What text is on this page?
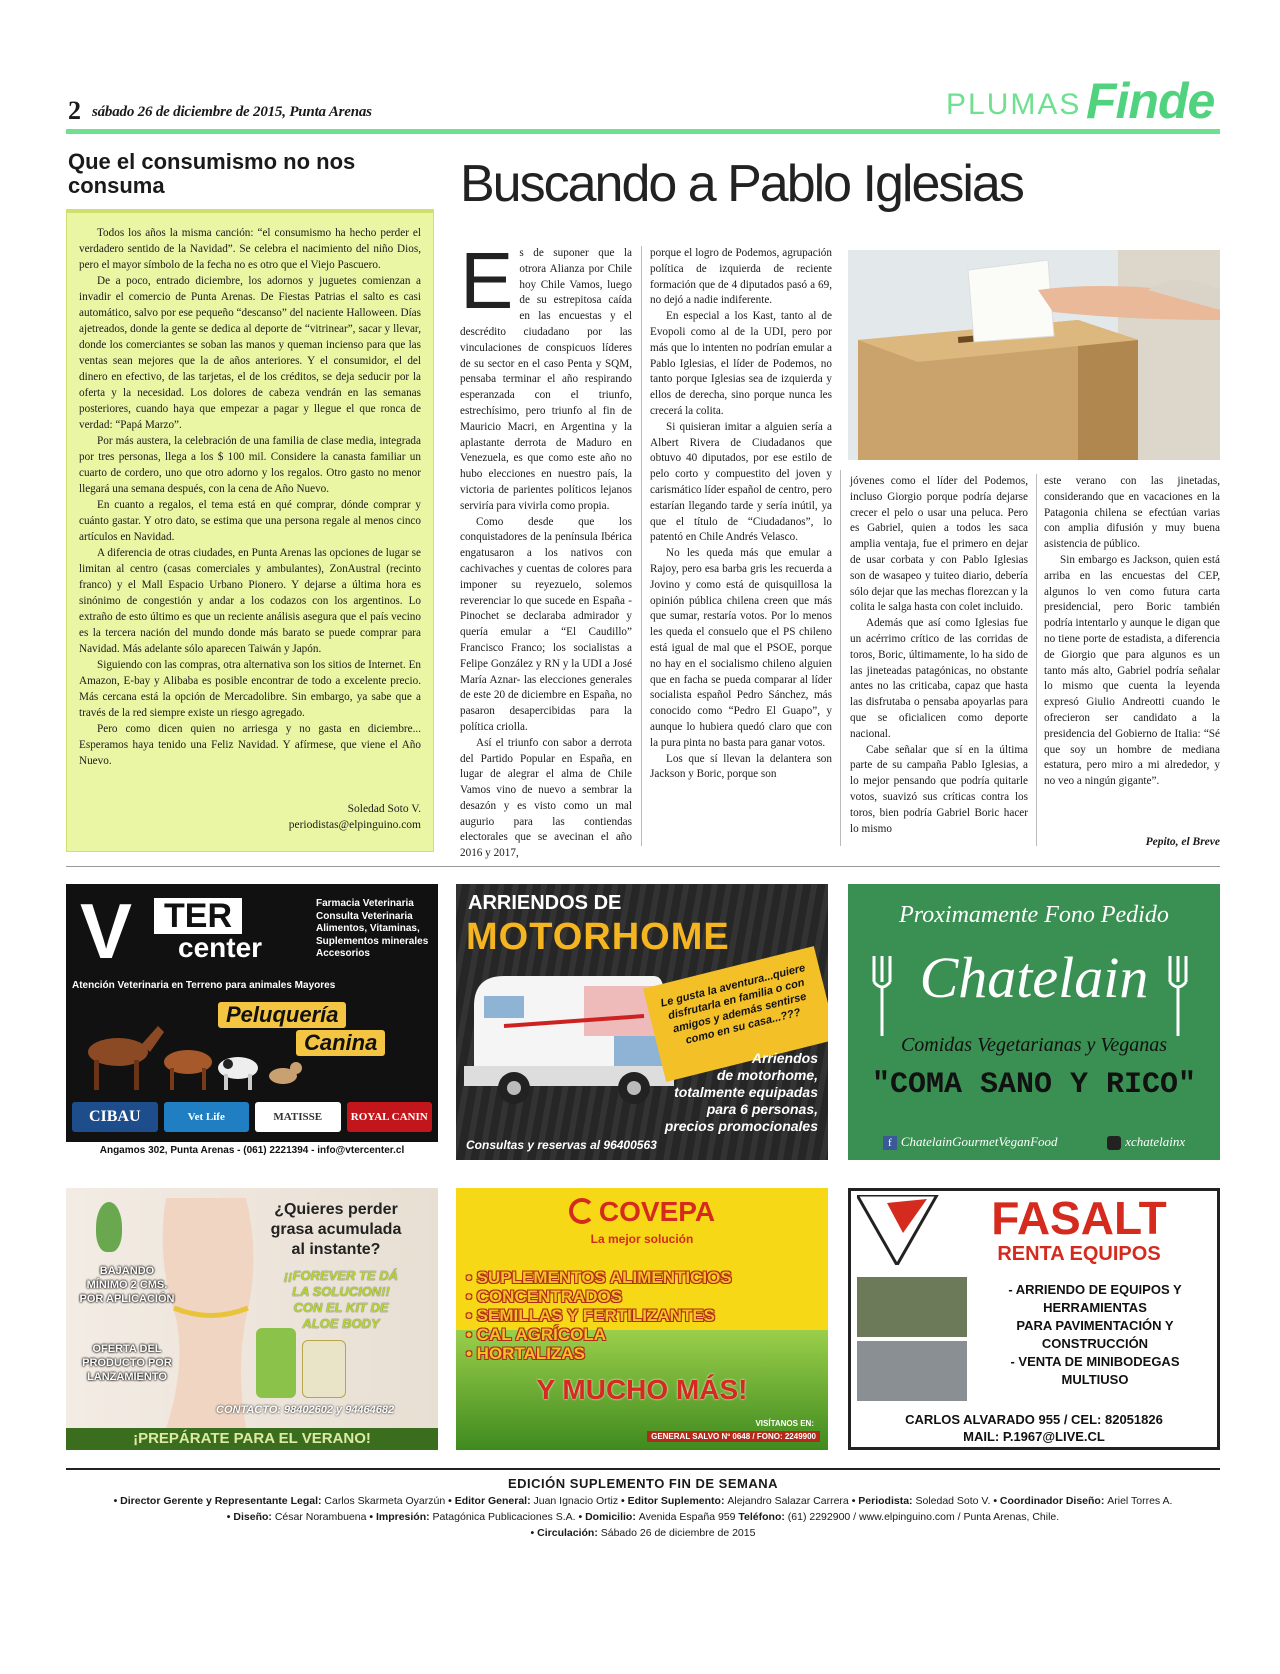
2 sábado 26 de diciembre de 2015, Punta Arenas	PLUMAS Finde
Que el consumismo no nos consuma

Todos los años la misma canción: “el consumismo ha hecho perder el verdadero sentido de la Navidad”. Se celebra el nacimiento del niño Dios, pero el mayor símbolo de la fecha no es otro que el Viejo Pascuero.

De a poco, entrado diciembre, los adornos y juguetes comienzan a invadir el comercio de Punta Arenas. De Fiestas Patrias el salto es casi automático, salvo por ese pequeño “descanso” del naciente Halloween. Días ajetreados, donde la gente se dedica al deporte de “vitrinear”, sacar y llevar, donde los comerciantes se soban las manos y queman incienso para que las ventas sean mejores que la de años anteriores. Y el consumidor, el del dinero en efectivo, de las tarjetas, el de los créditos, se deja seducir por la oferta y la necesidad. Los dolores de cabeza vendrán en las semanas posteriores, cuando haya que empezar a pagar y llegue el que ronca de verdad: “Papá Marzo”.

Por más austera, la celebración de una familia de clase media, integrada por tres personas, llega a los $ 100 mil. Considere la canasta familiar un cuarto de cordero, uno que otro adorno y los regalos. Otro gasto no menor llegará una semana después, con la cena de Año Nuevo.

En cuanto a regalos, el tema está en qué comprar, dónde comprar y cuánto gastar. Y otro dato, se estima que una persona regale al menos cinco artículos en Navidad.

A diferencia de otras ciudades, en Punta Arenas las opciones de lugar se limitan al centro (casas comerciales y ambulantes), ZonAustral (recinto franco) y el Mall Espacio Urbano Pionero. Y dejarse a última hora es sinónimo de congestión y andar a los codazos con los argentinos. Lo extraño de esto último es que un reciente análisis asegura que el país vecino es la tercera nación del mundo donde más barato se puede comprar para Navidad. Más adelante sólo aparecen Taiwán y Japón.

Siguiendo con las compras, otra alternativa son los sitios de Internet. En Amazon, E-bay y Alibaba es posible encontrar de todo a excelente precio. Más cercana está la opción de Mercadolibre. Sin embargo, ya sabe que a través de la red siempre existe un riesgo agregado.

Pero como dicen quien no arriesga y no gasta en diciembre... Esperamos haya tenido una Feliz Navidad. Y afírmese, que viene el Año Nuevo.

Soledad Soto V.
periodistas@elpinguino.com
Buscando a Pablo Iglesias
E s de suponer que la otrora Alianza por Chile hoy Chile Vamos, luego de su estrepitosa caída en las encuestas y el descrédito ciudadano por las vinculaciones de conspicuos líderes de su sector en el caso Penta y SQM, pensaba terminar el año respirando esperanzada con el triunfo, estrechísimo, pero triunfo al fin de Mauricio Macri, en Argentina y la aplastante derrota de Maduro en Venezuela, es que como este año no hubo elecciones en nuestro país, la victoria de parientes políticos lejanos serviría para vivirla como propia.

Como desde que los conquistadores de la península Ibérica engatusaron a los nativos con cachivaches y cuentas de colores para imponer su reyezuelo, solemos reverenciar lo que sucede en España -Pinochet se declaraba admirador y quería emular a “El Caudillo” Francisco Franco; los socialistas a Felipe González y RN y la UDI a José María Aznar- las elecciones generales de este 20 de diciembre en España, no pasaron desapercibidas para la política criolla.

Así el triunfo con sabor a derrota del Partido Popular en España, en lugar de alegrar el alma de Chile Vamos vino de nuevo a sembrar la desazón y es visto como un mal augurio para las contiendas electorales que se avecinan el año 2016 y 2017,

porque el logro de Podemos, agrupación política de izquierda de reciente formación que de 4 diputados pasó a 69, no dejó a nadie indiferente.

En especial a los Kast, tanto al de Evopoli como al de la UDI, pero por más que lo intenten no podrían emular a Pablo Iglesias, el líder de Podemos, no tanto porque Iglesias sea de izquierda y ellos de derecha, sino porque nunca les crecerá la colita.

Si quisieran imitar a alguien sería a Albert Rivera de Ciudadanos que obtuvo 40 diputados, por ese estilo de pelo corto y compuestito del joven y carismático líder español de centro, pero estarían llegando tarde y sería inútil, ya que el título de “Ciudadanos”, lo patentó en Chile Andrés Velasco.

No les queda más que emular a Rajoy, pero esa barba gris les recuerda a Jovino y como está de quisquillosa la opinión pública chilena creen que más que sumar, restaría votos. Por lo menos les queda el consuelo que el PS chileno está igual de mal que el PSOE, porque no hay en el socialismo chileno alguien que en facha se pueda comparar al líder socialista español Pedro Sánchez, más conocido como “Pedro El Guapo”, y aunque lo hubiera quedó claro que con la pura pinta no basta para ganar votos.

Los que sí llevan la delantera son Jackson y Boric, porque son

jóvenes como el líder del Podemos, incluso Giorgio porque podría dejarse crecer el pelo o usar una peluca. Pero es Gabriel, quien a todos les saca amplia ventaja, fue el primero en dejar de usar corbata y con Pablo Iglesias son de wasapeo y tuiteo diario, debería sólo dejar que las mechas florezcan y la colita le salga hasta con colet incluido.

Además que así como Iglesias fue un acérrimo crítico de las corridas de toros, Boric, últimamente, lo ha sido de las jineteadas patagónicas, no obstante antes no las criticaba, capaz que hasta las disfrutaba o pensaba apoyarlas para que se oficialicen como deporte nacional.

Cabe señalar que sí en la última parte de su campaña Pablo Iglesias, a lo mejor pensando que podría quitarle votos, suavizó sus críticas contra los toros, bien podría Gabriel Boric hacer lo mismo

este verano con las jinetadas, considerando que en vacaciones en la Patagonia chilena se efectúan varias con amplia difusión y muy buena asistencia de público.

Sin embargo es Jackson, quien está arriba en las encuestas del CEP, algunos lo ven como futura carta presidencial, pero Boric también podría intentarlo y aunque le digan que no tiene porte de estadista, a diferencia de Giorgio que para algunos es un tanto más alto, Gabriel podría señalar lo mismo que cuenta la leyenda expresó Giulio Andreotti cuando le ofrecieron ser candidato a la presidencia del Gobierno de Italia: “Sé que soy un hombre de mediana estatura, pero miro a mi alrededor, y no veo a ningún gigante”.

Pepito, el Breve
V TER
center
Farmacia Veterinaria
Consulta Veterinaria
Alimentos, Vitaminas,
Suplementos minerales
Accesorios
Atención Veterinaria en Terreno para animales Mayores
Peluquería
Canina
CIBAU	Vet Life	MATISSE	ROYAL CANIN
Angamos 302, Punta Arenas - (061) 2221394 - info@vtercenter.cl
ARRIENDOS DE
MOTORHOME
Le gusta la aventura...quiere disfrutarla en familia o con amigos y además sentirse como en su casa...???
Arriendos
de motorhome,
totalmente equipadas
para 6 personas,
precios promocionales
Consultas y reservas al 96400563
Proximamente Fono Pedido
Chatelain
Comidas Vegetarianas y Veganas
"COMA SANO Y RICO"
f ChatelainGourmetVeganFood	xchatelainx
¿Quieres perder
grasa acumulada
al instante?
¡¡FOREVER TE DÁ
LA SOLUCION!!
CON EL KIT DE
ALOE BODY
BAJANDO
MÍNIMO 2 CMS.
POR APLICACIÓN
OFERTA DEL
PRODUCTO POR
LANZAMIENTO
CONTACTO: 98402602 y 94464682
¡PREPÁRATE PARA EL VERANO!
COVEPA
La mejor solución
• SUPLEMENTOS ALIMENTICIOS
• CONCENTRADOS
• SEMILLAS Y FERTILIZANTES
• CAL AGRÍCOLA
• HORTALIZAS
Y MUCHO MÁS!
VISÍTANOS EN:
GENERAL SALVO Nº 0648 / FONO: 2249900
FASALT
RENTA EQUIPOS
- ARRIENDO DE EQUIPOS Y
HERRAMIENTAS
PARA PAVIMENTACIÓN Y
CONSTRUCCIÓN
- VENTA DE MINIBODEGAS
MULTIUSO
CARLOS ALVARADO 955 / CEL: 82051826
MAIL: P.1967@LIVE.CL
EDICIÓN SUPLEMENTO FIN DE SEMANA
• Director Gerente y Representante Legal: Carlos Skarmeta Oyarzún • Editor General: Juan Ignacio Ortiz • Editor Suplemento: Alejandro Salazar Carrera • Periodista: Soledad Soto V. • Coordinador Diseño: Ariel Torres A.
• Diseño: César Norambuena • Impresión: Patagónica Publicaciones S.A. • Domicilio: Avenida España 959 Teléfono: (61) 2292900 / www.elpinguino.com / Punta Arenas, Chile.
• Circulación: Sábado 26 de diciembre de 2015
